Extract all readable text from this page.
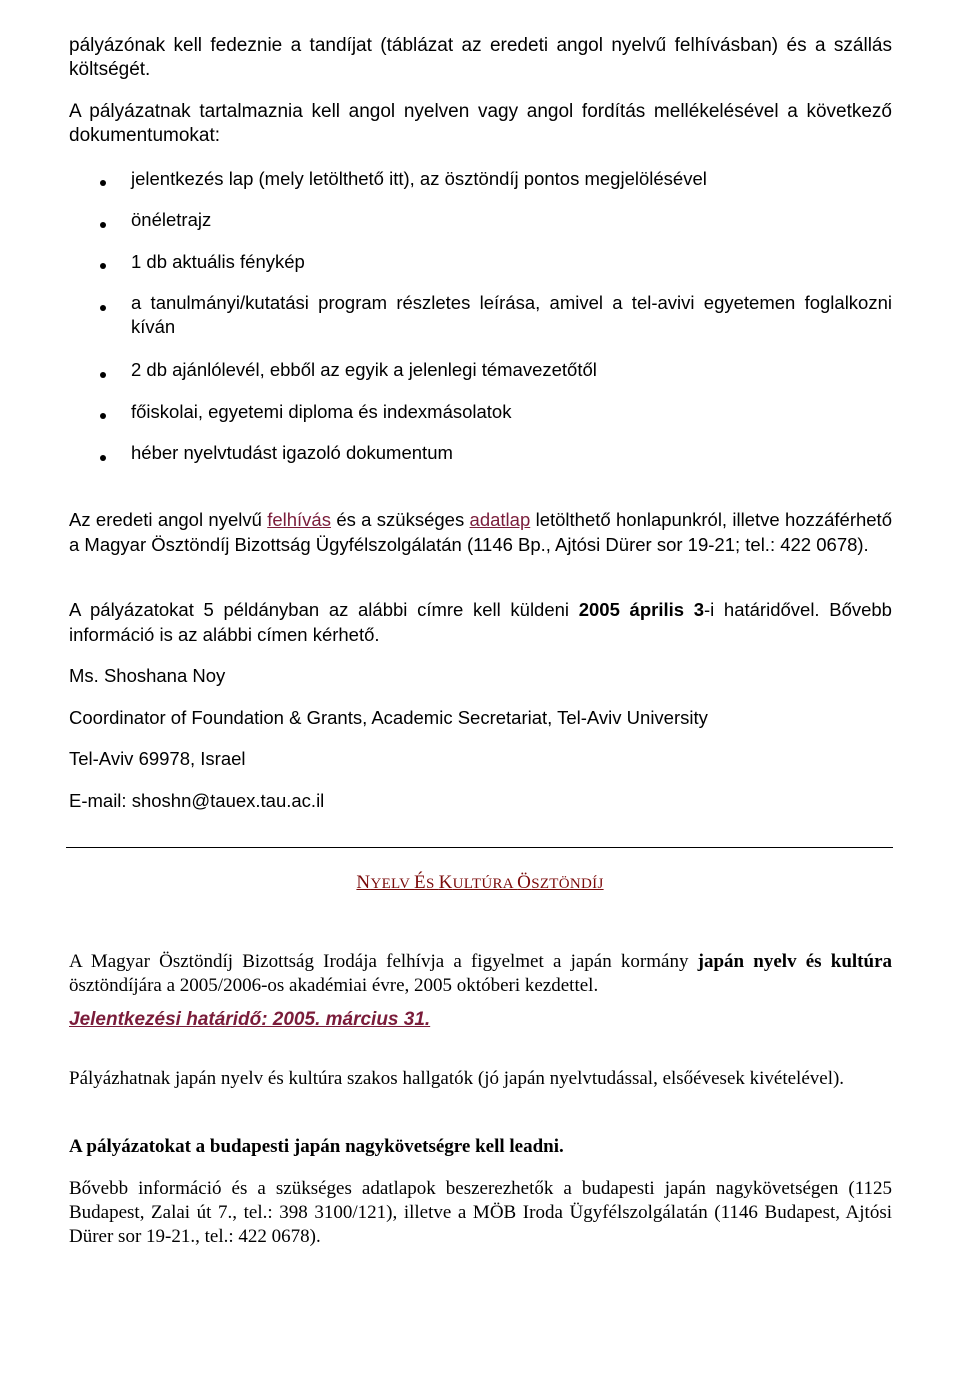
pályázónak kell fedeznie a tandíjat (táblázat az eredeti angol nyelvű felhívásban) és a szállás költségét.

A pályázatnak tartalmaznia kell angol nyelven vagy angol fordítás mellékelésével a következő dokumentumokat:

jelentkezés lap (mely letölthető itt), az ösztöndíj pontos megjelölésével

önéletrajz

1 db aktuális fénykép

a tanulmányi/kutatási program részletes leírása, amivel a tel-avivi egyetemen foglalkozni kíván

2 db ajánlólevél, ebből az egyik a jelenlegi témavezetőtől

főiskolai, egyetemi diploma és indexmásolatok

héber nyelvtudást igazoló dokumentum

Az eredeti angol nyelvű felhívás és a szükséges adatlap letölthető honlapunkról, illetve hozzáférhető a Magyar Ösztöndíj Bizottság Ügyfélszolgálatán (1146 Bp., Ajtósi Dürer sor 19-21; tel.: 422 0678).

A pályázatokat 5 példányban az alábbi címre kell küldeni 2005 április 3-i határidővel. Bővebb információ is az alábbi címen kérhető.

Ms. Shoshana Noy

Coordinator of Foundation & Grants, Academic Secretariat, Tel-Aviv University

Tel-Aviv 69978, Israel

E-mail: shoshn@tauex.tau.ac.il

NYELV ÉS KULTÚRA ÖSZTÖNDÍJ

A Magyar Ösztöndíj Bizottság Irodája felhívja a figyelmet a japán kormány japán nyelv és kultúra ösztöndíjára a 2005/2006-os akadémiai évre, 2005 októberi kezdettel.

Jelentkezési határidő: 2005. március 31.

Pályázhatnak japán nyelv és kultúra szakos hallgatók (jó japán nyelvtudással, elsőévesek kivételével).

A pályázatokat a budapesti japán nagykövetségre kell leadni.

Bővebb információ és a szükséges adatlapok beszerezhetők a budapesti japán nagykövetségen (1125 Budapest, Zalai út 7., tel.: 398 3100/121), illetve a MÖB Iroda Ügyfélszolgálatán (1146 Budapest, Ajtósi Dürer sor 19-21., tel.: 422 0678).
